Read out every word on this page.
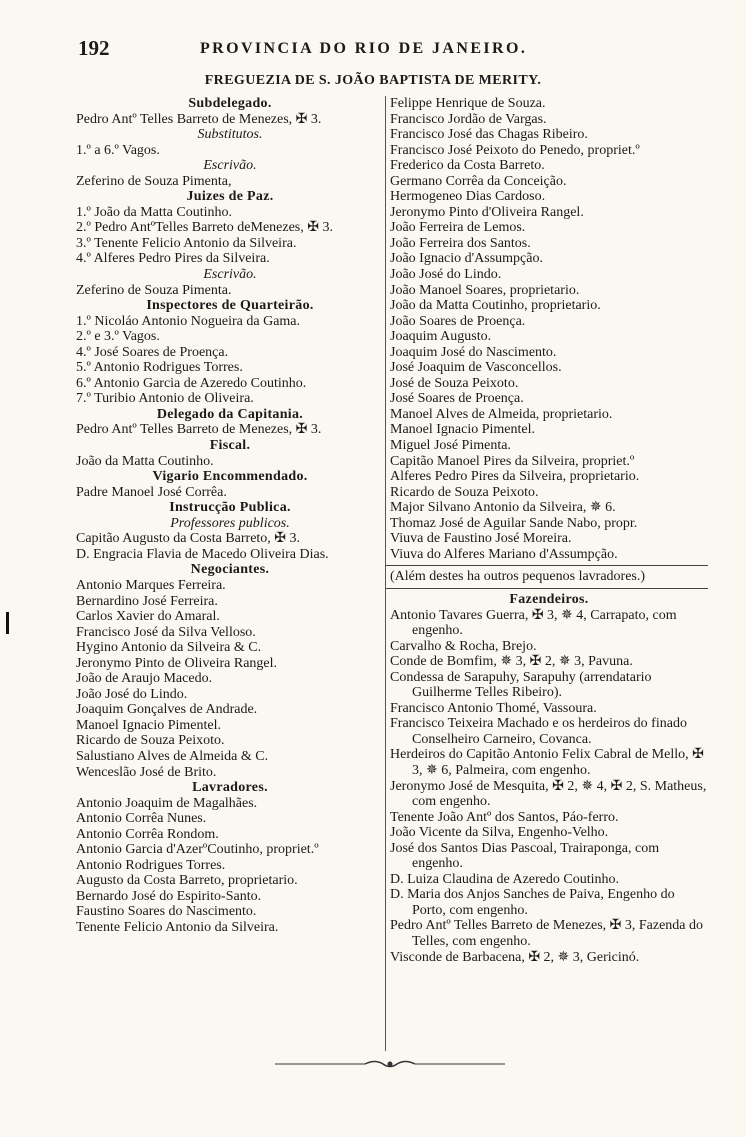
192	PROVINCIA DO RIO DE JANEIRO.
FREGUEZIA DE S. JOÃO BAPTISTA DE MERITY.
Subdelegado.
Pedro Antº Telles Barreto de Menezes, ✠ 3.
Substitutos.
1.º a 6.º Vagos.
Escrivão.
Zeferino de Souza Pimenta,
Juizes de Paz.
1.º João da Matta Coutinho.
2.º Pedro AntºTelles Barreto deMenezes, ✠ 3.
3.º Tenente Felicio Antonio da Silveira.
4.º Alferes Pedro Pires da Silveira.
Escrivão.
Zeferino de Souza Pimenta.
Inspectores de Quarteirão.
1.º Nicoláo Antonio Nogueira da Gama.
2.º e 3.º Vagos.
4.º José Soares de Proença.
5.º Antonio Rodrigues Torres.
6.º Antonio Garcia de Azeredo Coutinho.
7.º Turibio Antonio de Oliveira.
Delegado da Capitania.
Pedro Antº Telles Barreto de Menezes, ✠ 3.
Fiscal.
João da Matta Coutinho.
Vigario Encommendado.
Padre Manoel José Corrêa.
Instrucção Publica.
Professores publicos.
Capitão Augusto da Costa Barreto, ✠ 3.
D. Engracia Flavia de Macedo Oliveira Dias.
Negociantes.
Antonio Marques Ferreira.
Bernardino José Ferreira.
Carlos Xavier do Amaral.
Francisco José da Silva Velloso.
Hygino Antonio da Silveira & C.
Jeronymo Pinto de Oliveira Rangel.
João de Araujo Macedo.
João José do Lindo.
Joaquim Gonçalves de Andrade.
Manoel Ignacio Pimentel.
Ricardo de Souza Peixoto.
Salustiano Alves de Almeida & C.
Wenceslão José de Brito.
Lavradores.
Antonio Joaquim de Magalhães.
Antonio Corrêa Nunes.
Antonio Corrêa Rondom.
Antonio Garcia d'AzerºCoutinho, propriet.º
Antonio Rodrigues Torres.
Augusto da Costa Barreto, proprietario.
Bernardo José do Espirito-Santo.
Faustino Soares do Nascimento.
Tenente Felicio Antonio da Silveira.
Felippe Henrique de Souza.
Francisco Jordão de Vargas.
Francisco José das Chagas Ribeiro.
Francisco José Peixoto do Penedo, propriet.º
Frederico da Costa Barreto.
Germano Corrêa da Conceição.
Hermogeneo Dias Cardoso.
Jeronymo Pinto d'Oliveira Rangel.
João Ferreira de Lemos.
João Ferreira dos Santos.
João Ignacio d'Assumpção.
João José do Lindo.
João Manoel Soares, proprietario.
João da Matta Coutinho, proprietario.
João Soares de Proença.
Joaquim Augusto.
Joaquim José do Nascimento.
José Joaquim de Vasconcellos.
José de Souza Peixoto.
José Soares de Proença.
Manoel Alves de Almeida, proprietario.
Manoel Ignacio Pimentel.
Miguel José Pimenta.
Capitão Manoel Pires da Silveira, propriet.º
Alferes Pedro Pires da Silveira, proprietario.
Ricardo de Souza Peixoto.
Major Silvano Antonio da Silveira, ✵ 6.
Thomaz José de Aguilar Sande Nabo, propr.
Viuva de Faustino José Moreira.
Viuva do Alferes Mariano d'Assumpção.
(Além destes ha outros pequenos lavradores.)
Fazendeiros.
Antonio Tavares Guerra, ✠ 3, ✵ 4, Carrapato, com engenho.
Carvalho & Rocha, Brejo.
Conde de Bomfim, ✵ 3, ✠ 2, ✵ 3, Pavuna.
Condessa de Sarapuhy, Sarapuhy (arrendatario Guilherme Telles Ribeiro).
Francisco Antonio Thomé, Vassoura.
Francisco Teixeira Machado e os herdeiros do finado Conselheiro Carneiro, Covanca.
Herdeiros do Capitão Antonio Felix Cabral de Mello, ✠ 3, ✵ 6, Palmeira, com engenho.
Jeronymo José de Mesquita, ✠ 2, ✵ 4, ✠ 2, S. Matheus, com engenho.
Tenente João Antº dos Santos, Páo-ferro.
João Vicente da Silva, Engenho-Velho.
José dos Santos Dias Pascoal, Trairaponga, com engenho.
D. Luiza Claudina de Azeredo Coutinho.
D. Maria dos Anjos Sanches de Paiva, Engenho do Porto, com engenho.
Pedro Antº Telles Barreto de Menezes, ✠ 3, Fazenda do Telles, com engenho.
Visconde de Barbacena, ✠ 2, ✵ 3, Gericinó.
